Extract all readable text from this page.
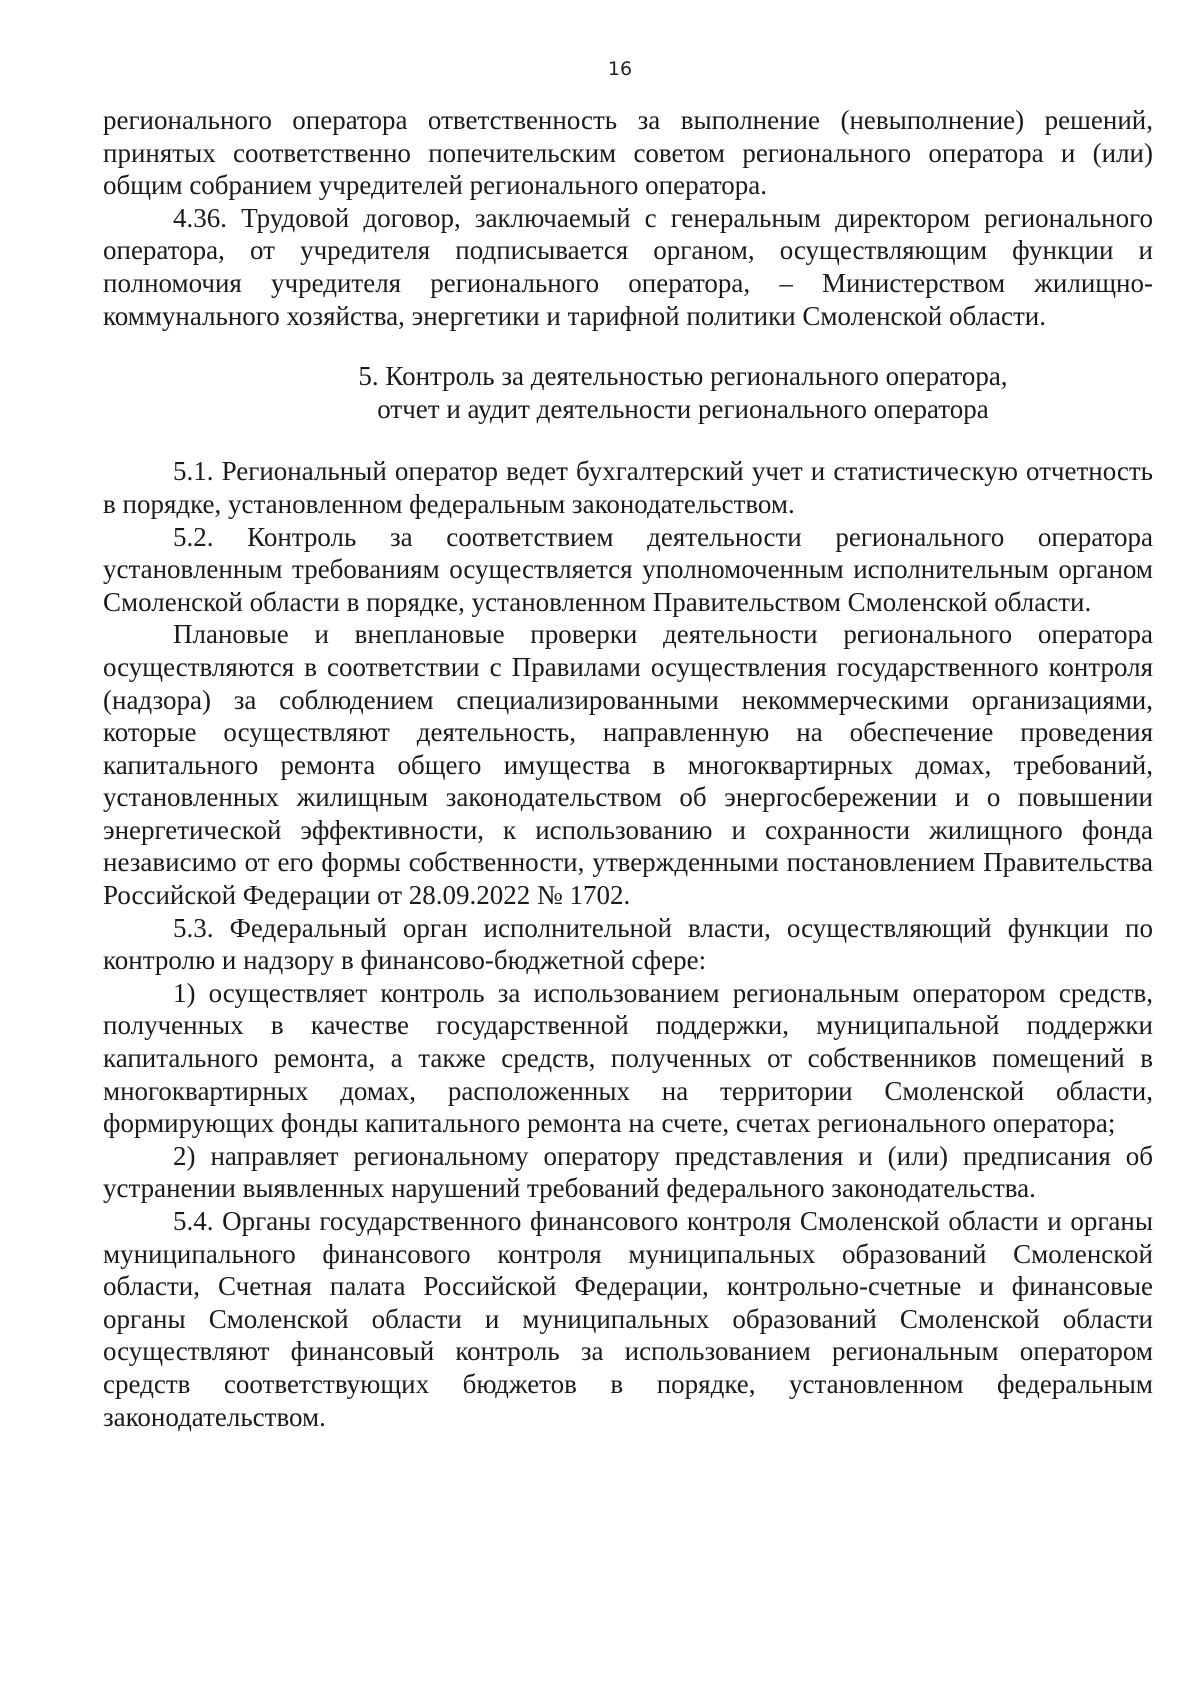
16

регионального оператора ответственность за выполнение (невыполнение) решений, принятых соответственно попечительским советом регионального оператора и (или) общим собранием учредителей регионального оператора.

4.36. Трудовой договор, заключаемый с генеральным директором регионального оператора, от учредителя подписывается органом, осуществляющим функции и полномочия учредителя регионального оператора, – Министерством жилищно-коммунального хозяйства, энергетики и тарифной политики Смоленской области.

5. Контроль за деятельностью регионального оператора,
отчет и аудит деятельности регионального оператора

5.1. Региональный оператор ведет бухгалтерский учет и статистическую отчетность в порядке, установленном федеральным законодательством.

5.2. Контроль за соответствием деятельности регионального оператора установленным требованиям осуществляется уполномоченным исполнительным органом Смоленской области в порядке, установленном Правительством Смоленской области.

Плановые и внеплановые проверки деятельности регионального оператора осуществляются в соответствии с Правилами осуществления государственного контроля (надзора) за соблюдением специализированными некоммерческими организациями, которые осуществляют деятельность, направленную на обеспечение проведения капитального ремонта общего имущества в многоквартирных домах, требований, установленных жилищным законодательством об энергосбережении и о повышении энергетической эффективности, к использованию и сохранности жилищного фонда независимо от его формы собственности, утвержденными постановлением Правительства Российской Федерации от 28.09.2022 № 1702.

5.3. Федеральный орган исполнительной власти, осуществляющий функции по контролю и надзору в финансово-бюджетной сфере:

1) осуществляет контроль за использованием региональным оператором средств, полученных в качестве государственной поддержки, муниципальной поддержки капитального ремонта, а также средств, полученных от собственников помещений в многоквартирных домах, расположенных на территории Смоленской области, формирующих фонды капитального ремонта на счете, счетах регионального оператора;

2) направляет региональному оператору представления и (или) предписания об устранении выявленных нарушений требований федерального законодательства.

5.4. Органы государственного финансового контроля Смоленской области и органы муниципального финансового контроля муниципальных образований Смоленской области, Счетная палата Российской Федерации, контрольно-счетные и финансовые органы Смоленской области и муниципальных образований Смоленской области осуществляют финансовый контроль за использованием региональным оператором средств соответствующих бюджетов в порядке, установленном федеральным законодательством.
